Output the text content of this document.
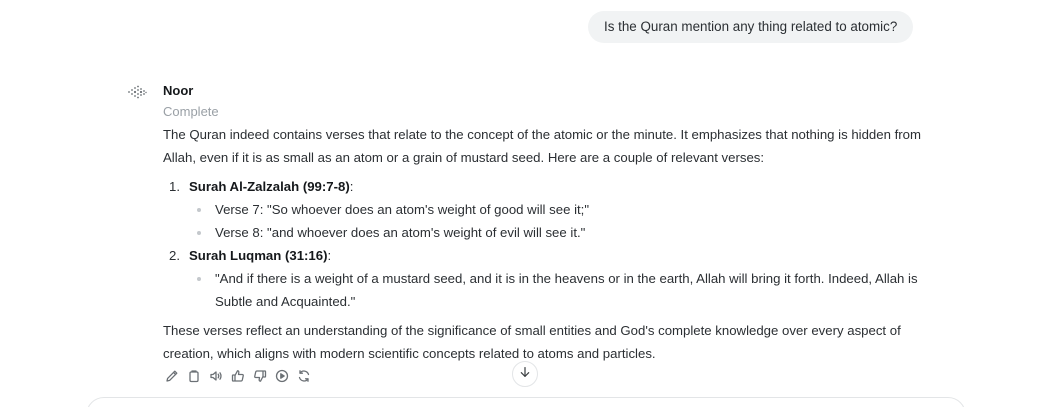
Is the Quran mention any thing related to atomic?
Noor
Complete

The Quran indeed contains verses that relate to the concept of the atomic or the minute. It emphasizes that nothing is hidden from Allah, even if it is as small as an atom or a grain of mustard seed. Here are a couple of relevant verses:

1. Surah Al-Zalzalah (99:7-8):
Verse 7: "So whoever does an atom's weight of good will see it;"
Verse 8: "and whoever does an atom's weight of evil will see it."
2. Surah Luqman (31:16):
"And if there is a weight of a mustard seed, and it is in the heavens or in the earth, Allah will bring it forth. Indeed, Allah is Subtle and Acquainted."

These verses reflect an understanding of the significance of small entities and God's complete knowledge over every aspect of creation, which aligns with modern scientific concepts related to atoms and particles.
